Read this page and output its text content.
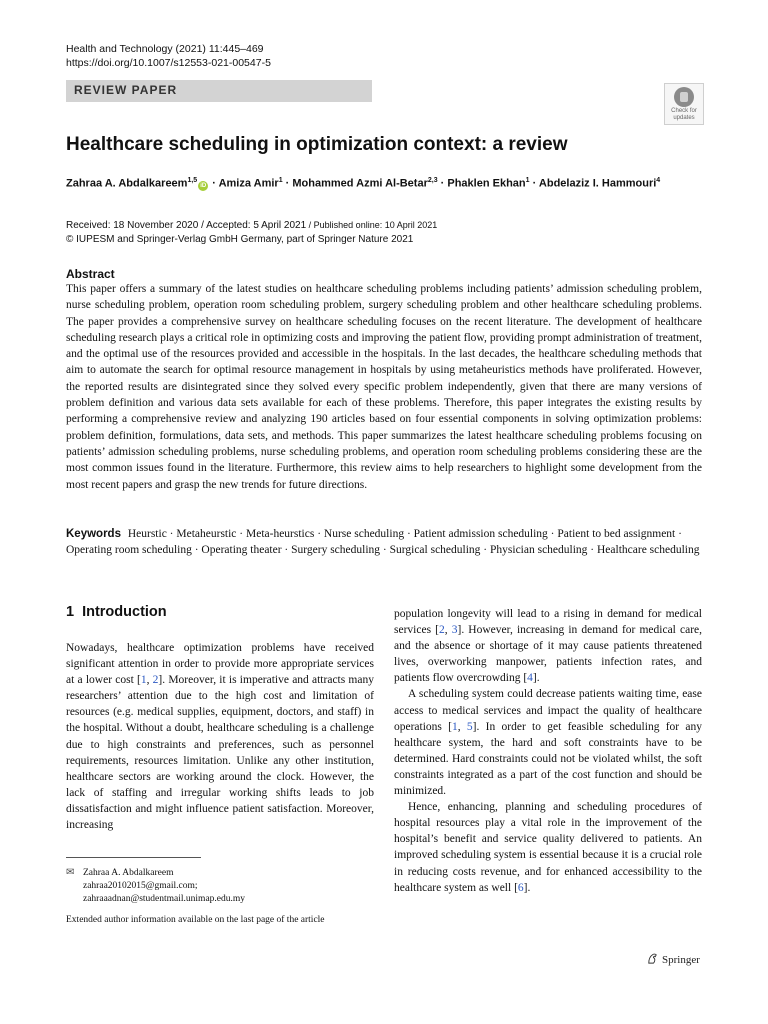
Health and Technology (2021) 11:445–469
https://doi.org/10.1007/s12553-021-00547-5
REVIEW PAPER
Check for
updates
Healthcare scheduling in optimization context: a review
Zahraa A. Abdalkareem$^{1,5}$iD · Amiza Amir$^1$ · Mohammed Azmi Al-Betar$^{2,3}$ · Phaklen Ekhan$^1$ · Abdelaziz I. Hammouri$^4$
Received: 18 November 2020 / Accepted: 5 April 2021 / Published online: 10 April 2021
© IUPESM and Springer-Verlag GmbH Germany, part of Springer Nature 2021
Abstract
This paper offers a summary of the latest studies on healthcare scheduling problems including patients’ admission scheduling problem, nurse scheduling problem, operation room scheduling problem, surgery scheduling problem and other healthcare scheduling problems. The paper provides a comprehensive survey on healthcare scheduling focuses on the recent literature. The development of healthcare scheduling research plays a critical role in optimizing costs and improving the patient flow, providing prompt administration of treatment, and the optimal use of the resources provided and accessible in the hospitals. In the last decades, the healthcare scheduling methods that aim to automate the search for optimal resource management in hospitals by using metaheuristics methods have proliferated. However, the reported results are disintegrated since they solved every specific problem independently, given that there are many versions of problem definition and various data sets available for each of these problems. Therefore, this paper integrates the existing results by performing a comprehensive review and analyzing 190 articles based on four essential components in solving optimization problems: problem definition, formulations, data sets, and methods. This paper summarizes the latest healthcare scheduling problems focusing on patients’ admission scheduling problems, nurse scheduling problems, and operation room scheduling problems considering these are the most common issues found in the literature. Furthermore, this review aims to help researchers to highlight some development from the most recent papers and grasp the new trends for future directions.
Keywords Heurstic · Metaheurstic · Meta-heurstics · Nurse scheduling · Patient admission scheduling · Patient to bed assignment · Operating room scheduling · Operating theater · Surgery scheduling · Surgical scheduling · Physician scheduling · Healthcare scheduling
1 Introduction

Nowadays, healthcare optimization problems have received significant attention in order to provide more appropriate services at a lower cost [1, 2]. Moreover, it is imperative and attracts many researchers’ attention due to the high cost and limitation of resources (e.g. medical supplies, equipment, doctors, and staff) in the hospital. Without a doubt, healthcare scheduling is a challenge due to high constraints and preferences, such as personnel requirements, resources limitation. Unlike any other institution, healthcare sectors are working around the clock. However, the lack of staffing and irregular working shifts leads to job dissatisfaction and might influence patient satisfaction. Moreover, increasing

population longevity will lead to a rising in demand for medical services [2, 3]. However, increasing in demand for medical care, and the absence or shortage of it may cause patients threatened lives, overworking manpower, patients infection rates, and patients flow overcrowding [4].

A scheduling system could decrease patients waiting time, ease access to medical services and impact the quality of healthcare operations [1, 5]. In order to get feasible scheduling for any healthcare system, the hard and soft constraints have to be determined. Hard constraints could not be violated whilst, the soft constraints integrated as a part of the cost function and should be minimized.

Hence, enhancing, planning and scheduling procedures of hospital resources play a vital role in the improvement of the hospital’s benefit and service quality delivered to patients. An improved scheduling system is essential because it is a crucial role in reducing costs revenue, and for enhanced accessibility to the healthcare system as well [6].

✉ Zahraa A. Abdalkareem
zahraa20102015@gmail.com;
zahraaadnan@studentmail.unimap.edu.my
Extended author information available on the last page of the article
Springer
